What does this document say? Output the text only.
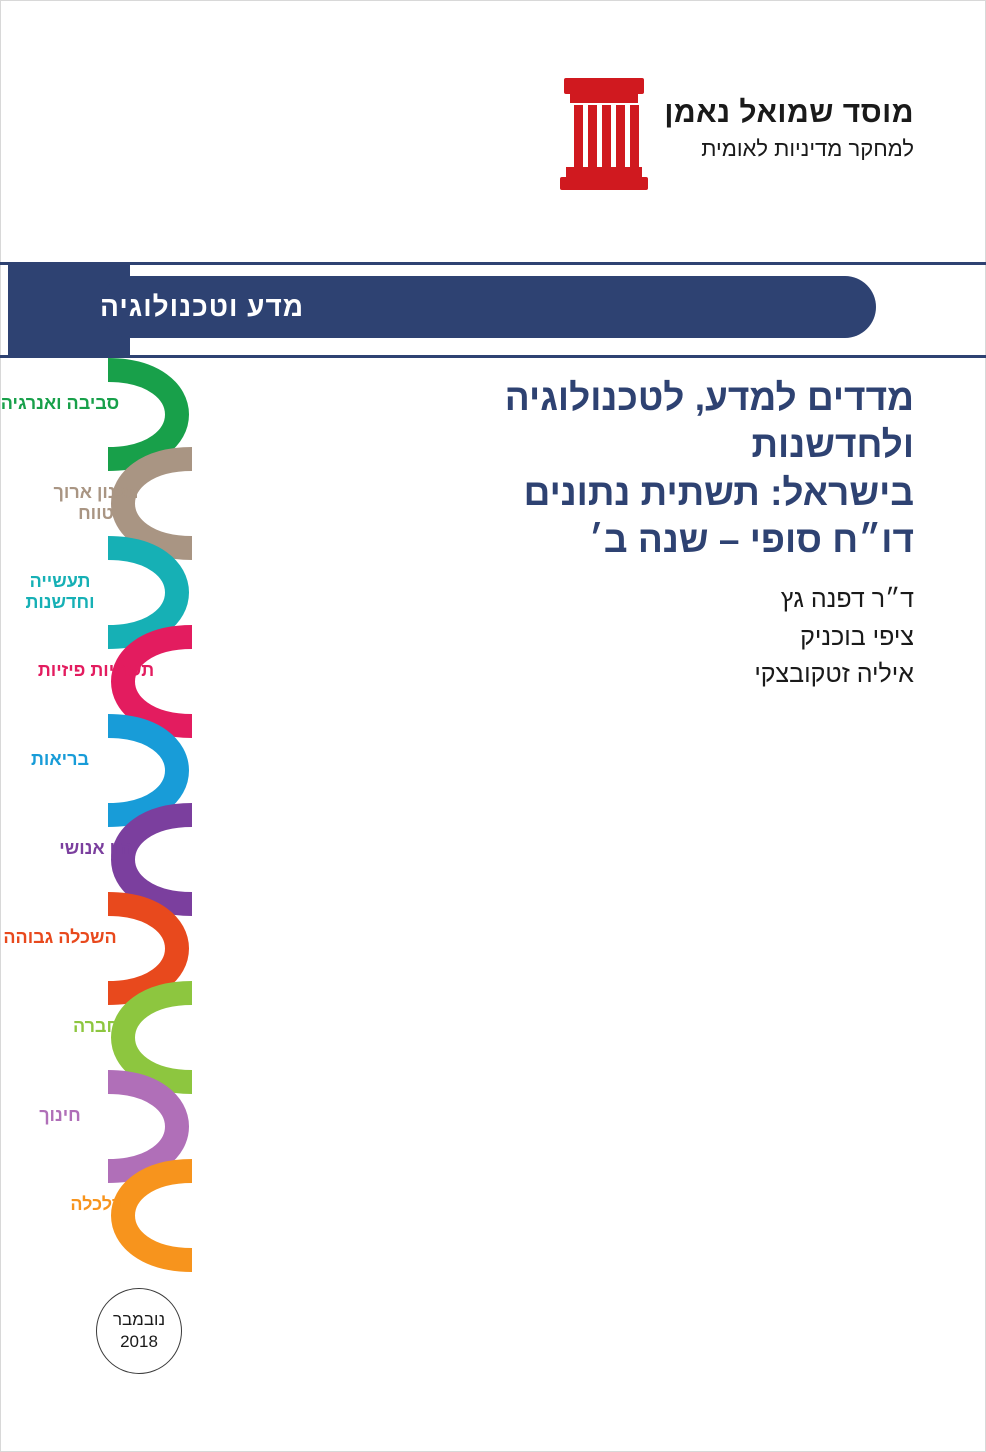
מוסד שמואל נאמן
למחקר מדיניות לאומית
מדע וטכנולוגיה
מדדים למדע, לטכנולוגיה
ולחדשנות
בישראל: תשתית נתונים
דו״ח סופי – שנה ב׳
ד״ר דפנה גץ
ציפי בוכניק
איליה זטקובצקי
סביבה ואנרגיה
תכנון ארוך טווח
תעשייה וחדשנות
תשתיות פיזיות
בריאות
הון אנושי
השכלה גבוהה
חברה
חינוך
כלכלה
נובמבר
2018
